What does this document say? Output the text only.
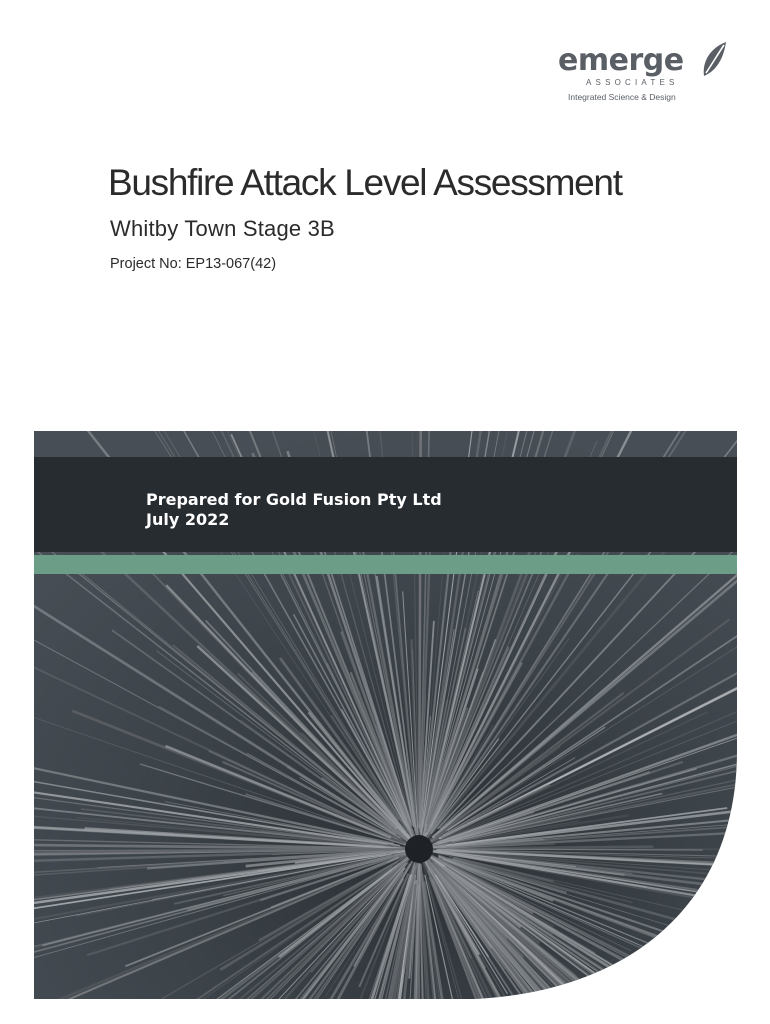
emerge
ASSOCIATES
Integrated Science & Design
Bushfire Attack Level Assessment
Whitby Town Stage 3B
Project No: EP13-067(42)
Prepared for Gold Fusion Pty Ltd
July 2022
